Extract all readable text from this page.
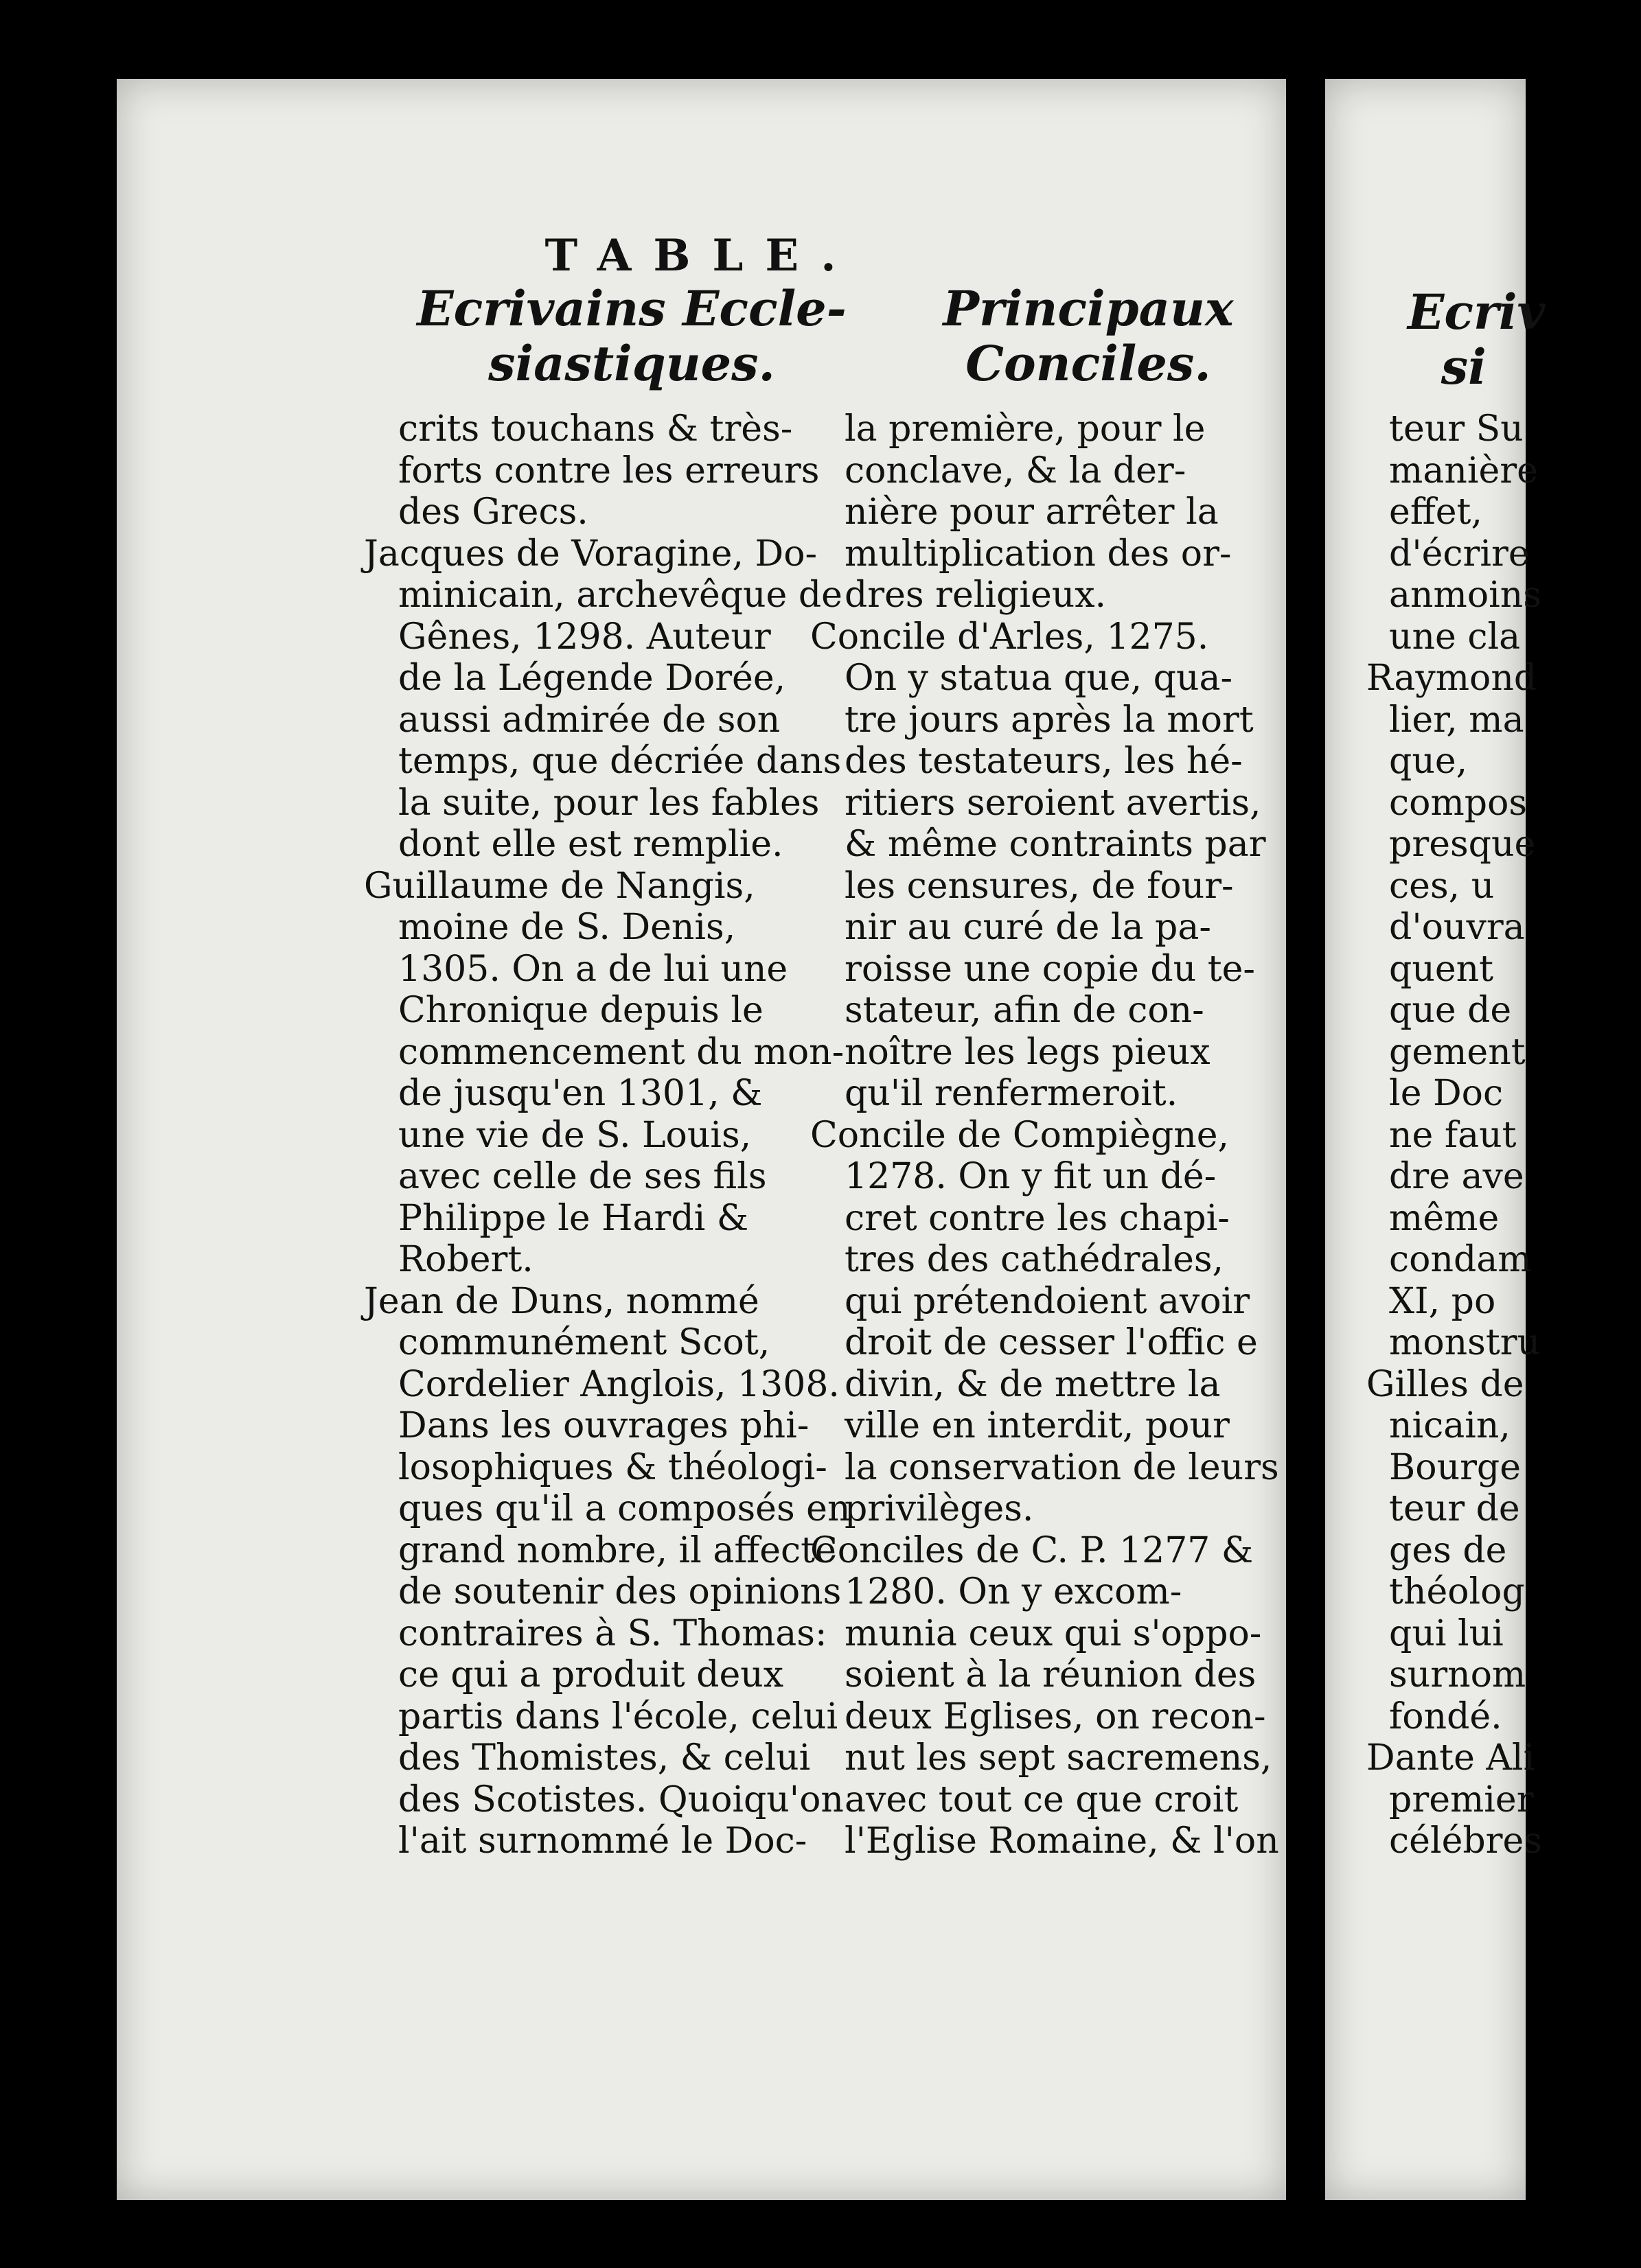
TABLE.
Ecrivains Eccle-
siastiques.
Principaux
Conciles.
crits touchans & très-
forts contre les erreurs
des Grecs.
Jacques de Voragine, Do-
minicain, archevêque de
Gênes, 1298. Auteur
de la Légende Dorée,
aussi admirée de son
temps, que décriée dans
la suite, pour les fables
dont elle est remplie.
Guillaume de Nangis,
moine de S. Denis,
1305. On a de lui une
Chronique depuis le
commencement du mon-
de jusqu'en 1301, &
une vie de S. Louis,
avec celle de ses fils
Philippe le Hardi &
Robert.
Jean de Duns, nommé
communément Scot,
Cordelier Anglois, 1308.
Dans les ouvrages phi-
losophiques & théologi-
ques qu'il a composés en
grand nombre, il affecte
de soutenir des opinions
contraires à S. Thomas:
ce qui a produit deux
partis dans l'école, celui
des Thomistes, & celui
des Scotistes. Quoiqu'on
l'ait surnommé le Doc-
la première, pour le
conclave, & la der-
nière pour arrêter la
multiplication des or-
dres religieux.
Concile d'Arles, 1275.
On y statua que, qua-
tre jours après la mort
des testateurs, les hé-
ritiers seroient avertis,
& même contraints par
les censures, de four-
nir au curé de la pa-
roisse une copie du te-
stateur, afin de con-
noître les legs pieux
qu'il renfermeroit.
Concile de Compiègne,
1278. On y fit un dé-
cret contre les chapi-
tres des cathédrales,
qui prétendoient avoir
droit de cesser l'offic e
divin, & de mettre la
ville en interdit, pour
la conservation de leurs
privilèges.
Conciles de C. P. 1277 &
1280. On y excom-
munia ceux qui s'oppo-
soient à la réunion des
deux Eglises, on recon-
nut les sept sacremens,
avec tout ce que croit
l'Eglise Romaine, & l'on
Ecriv
si
teur Su
manière
effet,
d'écrire
anmoins
une cla
Raymond
lier, ma
que,
compos
presque
ces, u
d'ouvra
quent
que de
gement
le Doc
ne faut
dre ave
même
condam
XI, po
monstru
Gilles de
nicain,
Bourge
teur de
ges de
théolog
qui lui
surnom
fondé.
Dante Ali
premier
célébres
